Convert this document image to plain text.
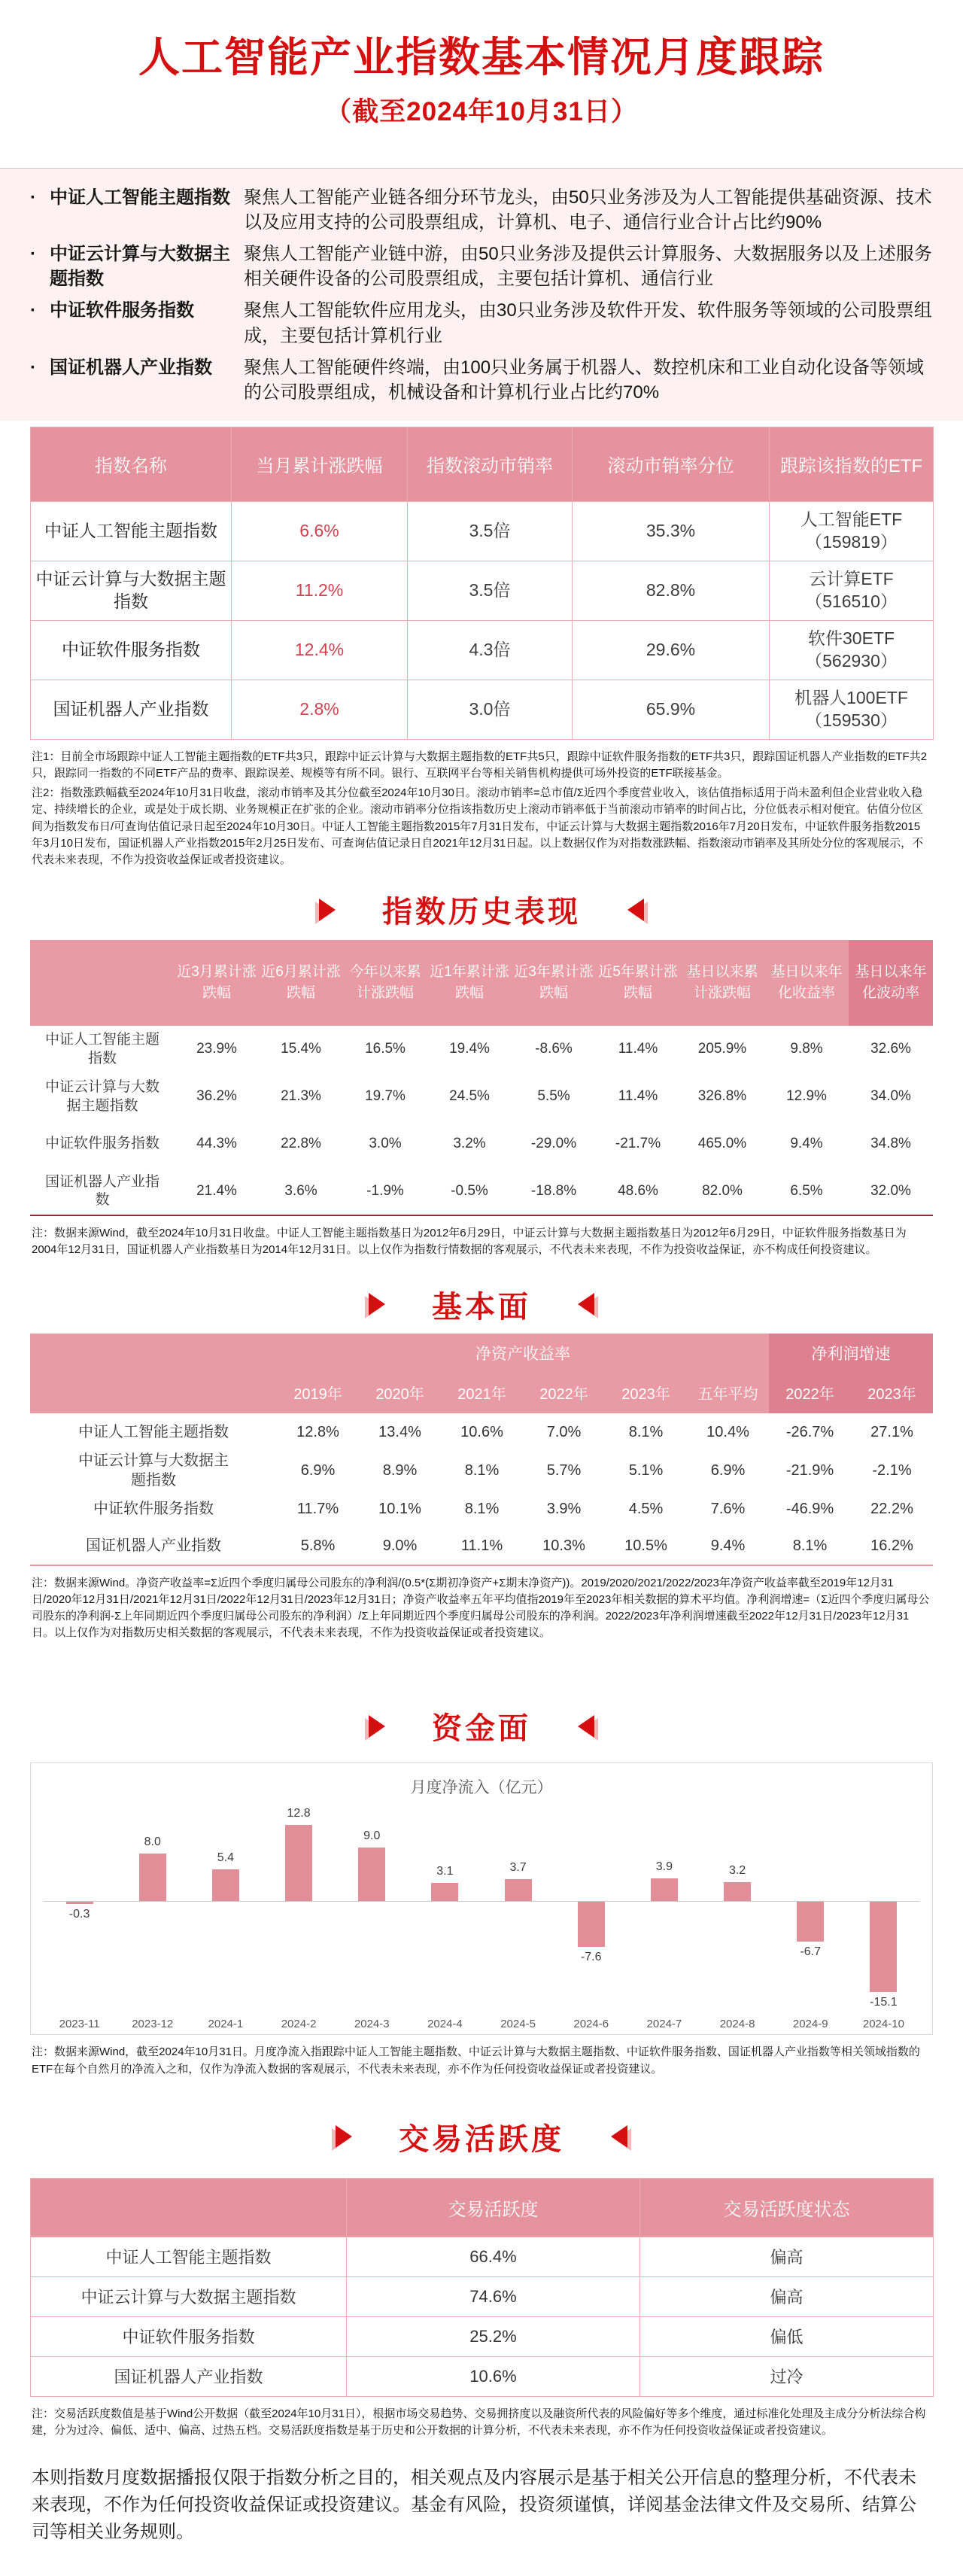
人工智能产业指数基本情况月度跟踪
（截至2024年10月31日）
· 中证人工智能主题指数 聚焦人工智能产业链各细分环节龙头，由50只业务涉及为人工智能提供基础资源、技术以及应用支持的公司股票组成，计算机、电子、通信行业合计占比约90%
· 中证云计算与大数据主题指数
聚焦人工智能产业链中游，由50只业务涉及提供云计算服务、大数据服务以及上述服务相关硬件设备的公司股票组成，主要包括计算机、通信行业
· 中证软件服务指数	聚焦人工智能软件应用龙头，由30只业务涉及软件开发、软件服务等领域的公司股票组成，主要包括计算机行业
· 国证机器人产业指数	聚焦人工智能硬件终端，由100只业务属于机器人、数控机床和工业自动化设备等领域的公司股票组成，机械设备和计算机行业占比约70%
指数名称	当月累计涨跌幅	指数滚动市销率	滚动市销率分位	跟踪该指数的ETF
中证人工智能主题指数	6.6%	3.5倍	35.3%	人工智能ETF
（159819）

中证云计算与大数据主题指数	11.2%	3.5倍	82.8%	云计算ETF
（516510）

中证软件服务指数	12.4%	4.3倍	29.6%	软件30ETF
（562930）

国证机器人产业指数	2.8%	3.0倍	65.9%	机器人100ETF
（159530）

注1：目前全市场跟踪中证人工智能主题指数的ETF共3只，跟踪中证云计算与大数据主题指数的ETF共5只，跟踪中证软件服务指数的ETF共3只，跟踪国证机器人产业指数的ETF共2只，跟踪同一指数的不同ETF产品的费率、跟踪误差、规模等有所不同。银行、互联网平台等相关销售机构提供可场外投资的ETF联接基金。

注2：指数涨跌幅截至2024年10月31日收盘，滚动市销率及其分位截至2024年10月30日。滚动市销率=总市值/Σ近四个季度营业收入，该估值指标适用于尚未盈利但企业营业收入稳定、持续增长的企业，或是处于成长期、业务规模正在扩张的企业。滚动市销率分位指该指数历史上滚动市销率低于当前滚动市销率的时间占比，分位低表示相对便宜。估值分位区间为指数发布日/可查询估值记录日起至2024年10月30日。中证人工智能主题指数2015年7月31日发布，中证云计算与大数据主题指数2016年7月20日发布，中证软件服务指数2015年3月10日发布，国证机器人产业指数2015年2月25日发布、可查询估值记录日自2021年12月31日起。以上数据仅作为对指数涨跌幅、指数滚动市销率及其所处分位的客观展示，不代表未来表现，不作为投资收益保证或者投资建议。

指数历史表现
	近3月累计涨跌幅	近6月累计涨跌幅	今年以来累计涨跌幅	近1年累计涨跌幅	近3年累计涨跌幅	近5年累计涨跌幅	基日以来累计涨跌幅	基日以来年化收益率	基日以来年化波动率
中证人工智能主题指数	23.9%	15.4%	16.5%	19.4%	-8.6%	11.4%	205.9%	9.8%	32.6%
中证云计算与大数据主题指数	36.2%	21.3%	19.7%	24.5%	5.5%	11.4%	326.8%	12.9%	34.0%
中证软件服务指数	44.3%	22.8%	3.0%	3.2%	-29.0%	-21.7%	465.0%	9.4%	34.8%
国证机器人产业指数	21.4%	3.6%	-1.9%	-0.5%	-18.8%	48.6%	82.0%	6.5%	32.0%

注：数据来源Wind，截至2024年10月31日收盘。中证人工智能主题指数基日为2012年6月29日，中证云计算与大数据主题指数基日为2012年6月29日，中证软件服务指数基日为2004年12月31日，国证机器人产业指数基日为2014年12月31日。以上仅作为指数行情数据的客观展示，不代表未来表现，不作为投资收益保证，亦不构成任何投资建议。

基本面
	净资产收益率						净利润增速	
	2019年	2020年	2021年	2022年	2023年	五年平均	2022年	2023年
中证人工智能主题指数	12.8%	13.4%	10.6%	7.0%	8.1%	10.4%	-26.7%	27.1%
中证云计算与大数据主题指数	6.9%	8.9%	8.1%	5.7%	5.1%	6.9%	-21.9%	-2.1%
中证软件服务指数	11.7%	10.1%	8.1%	3.9%	4.5%	7.6%	-46.9%	22.2%
国证机器人产业指数	5.8%	9.0%	11.1%	10.3%	10.5%	9.4%	8.1%	16.2%

注：数据来源Wind。净资产收益率=Σ近四个季度归属母公司股东的净利润/(0.5*(Σ期初净资产+Σ期末净资产))。2019/2020/2021/2022/2023年净资产收益率截至2019年12月31日/2020年12月31日/2021年12月31日/2022年12月31日/2023年12月31日；净资产收益率五年平均值指2019年至2023年相关数据的算术平均值。净利润增速=（Σ近四个季度归属母公司股东的净利润-Σ上年同期近四个季度归属母公司股东的净利润）/Σ上年同期近四个季度归属母公司股东的净利润。2022/2023年净利润增速截至2022年12月31日/2023年12月31日。以上仅作为对指数历史相关数据的客观展示，不代表未来表现，不作为投资收益保证或者投资建议。

资金面
月度净流入（亿元）
-0.3
2023-11
8.0
2023-12
5.4
2024-1
12.8
2024-2
9.0
2024-3
3.1
2024-4
3.7
2024-5
-7.6
2024-6
3.9
2024-7
3.2
2024-8
-6.7
2024-9
-15.1
2024-10

注：数据来源Wind，截至2024年10月31日。月度净流入指跟踪中证人工智能主题指数、中证云计算与大数据主题指数、中证软件服务指数、国证机器人产业指数等相关领域指数的ETF在每个自然月的净流入之和，仅作为净流入数据的客观展示，不代表未来表现，亦不作为任何投资收益保证或者投资建议。

交易活跃度
	交易活跃度	交易活跃度状态
中证人工智能主题指数	66.4%	偏高
中证云计算与大数据主题指数	74.6%	偏高
中证软件服务指数	25.2%	偏低
国证机器人产业指数	10.6%	过冷

注：交易活跃度数值是基于Wind公开数据（截至2024年10月31日），根据市场交易趋势、交易拥挤度以及融资所代表的风险偏好等多个维度，通过标准化处理及主成分分析法综合构建，分为过冷、偏低、适中、偏高、过热五档。交易活跃度指数是基于历史和公开数据的计算分析，不代表未来表现，亦不作为任何投资收益保证或者投资建议。

本则指数月度数据播报仅限于指数分析之目的，相关观点及内容展示是基于相关公开信息的整理分析，不代表未来表现，不作为任何投资收益保证或投资建议。基金有风险，投资须谨慎，详阅基金法律文件及交易所、结算公司等相关业务规则。
